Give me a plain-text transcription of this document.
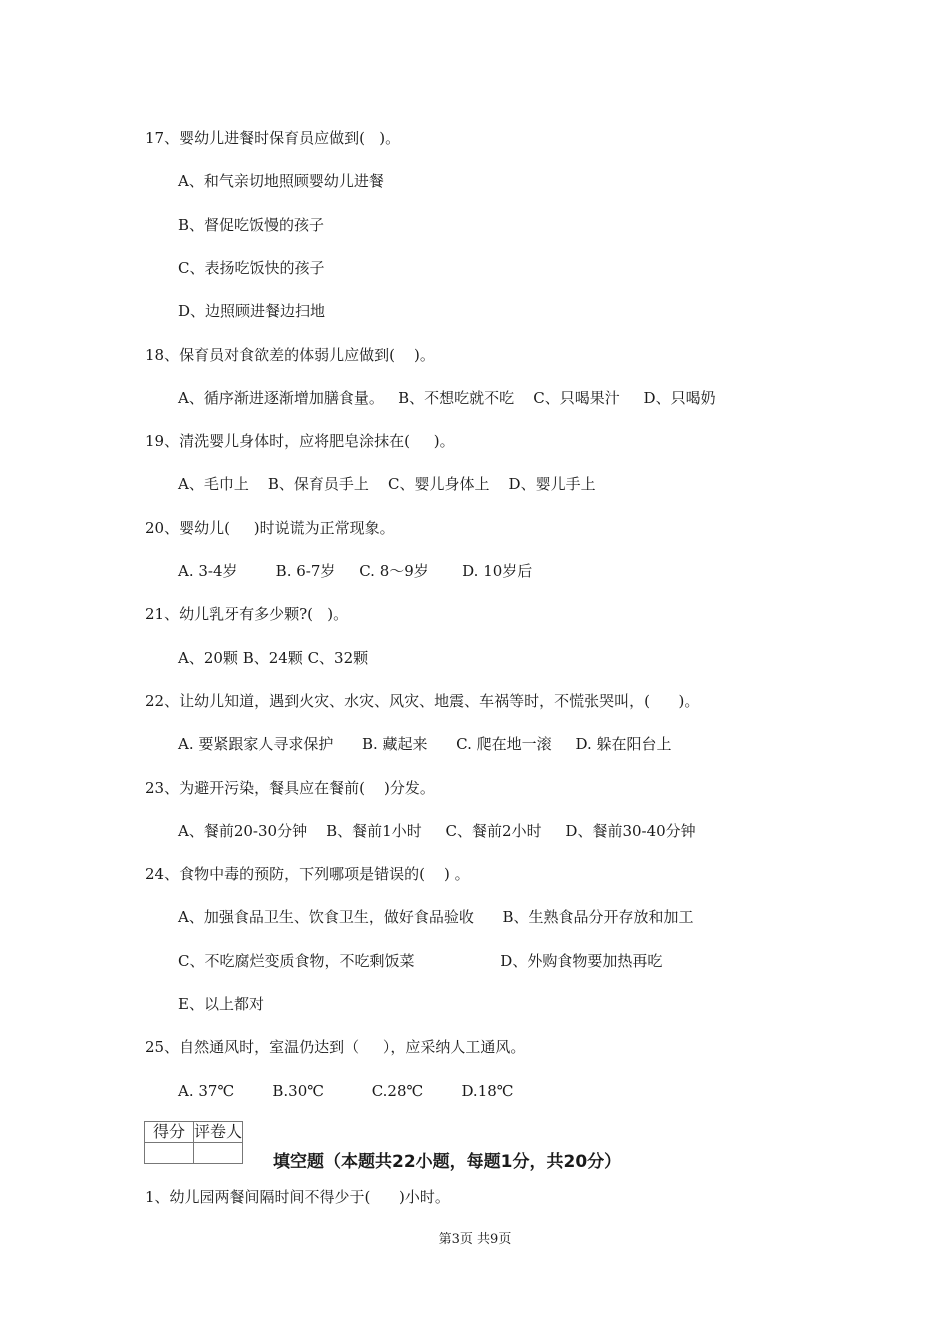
17、婴幼儿进餐时保育员应做到(   )。
A、和气亲切地照顾婴幼儿进餐
B、督促吃饭慢的孩子
C、表扬吃饭快的孩子
D、边照顾进餐边扫地
18、保育员对食欲差的体弱儿应做到(    )。
A、循序渐进逐渐增加膳食量。   B、不想吃就不吃    C、只喝果汁     D、只喝奶
19、清洗婴儿身体时，应将肥皂涂抹在(     )。
A、毛巾上    B、保育员手上    C、婴儿身体上    D、婴儿手上
20、婴幼儿(     )时说谎为正常现象。
A. 3-4岁        B. 6-7岁     C. 8～9岁       D. 10岁后
21、幼儿乳牙有多少颗?(   )。
A、20颗 B、24颗 C、32颗
22、让幼儿知道，遇到火灾、水灾、风灾、地震、车祸等时，不慌张哭叫，(      )。
A. 要紧跟家人寻求保护      B. 藏起来      C. 爬在地一滚     D. 躲在阳台上
23、为避开污染，餐具应在餐前(    )分发。
A、餐前20-30分钟    B、餐前1小时     C、餐前2小时     D、餐前30-40分钟
24、食物中毒的预防，下列哪项是错误的(    ) 。
A、加强食品卫生、饮食卫生，做好食品验收      B、生熟食品分开存放和加工
C、不吃腐烂变质食物，不吃剩饭菜                  D、外购食物要加热再吃
E、以上都对
25、自然通风时，室温仍达到（     ），应采纳人工通风。
A. 37℃        B.30℃          C.28℃        D.18℃
得分	评卷人

填空题（本题共22小题，每题1分，共20分）
1、幼儿园两餐间隔时间不得少于(      )小时。
第3页 共9页
